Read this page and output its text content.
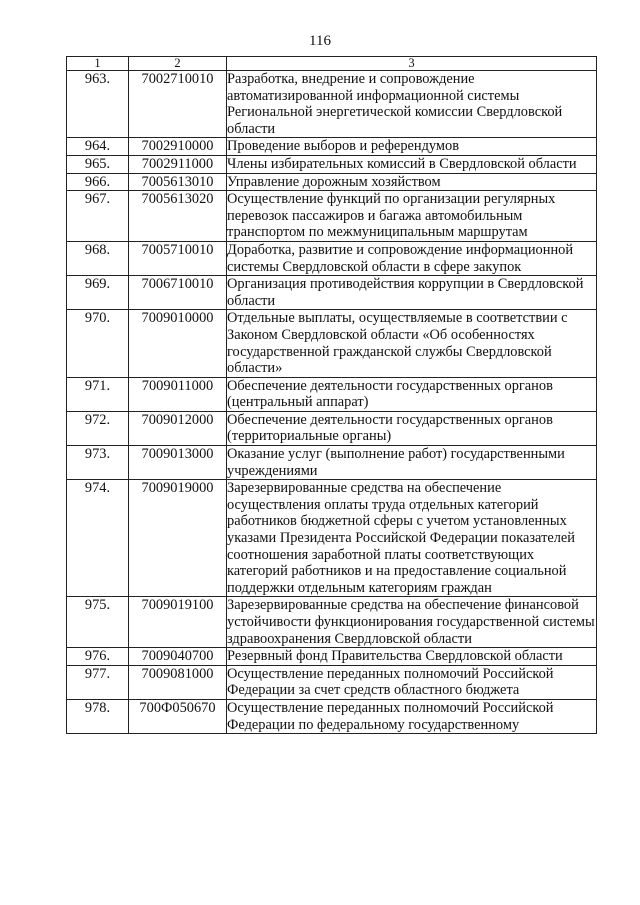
116
1	2	3
963.	7002710010	Разработка, внедрение и сопровождение автоматизированной информационной системы Региональной энергетической комиссии Свердловской области
964.	7002910000	Проведение выборов и референдумов
965.	7002911000	Члены избирательных комиссий в Свердловской области
966.	7005613010	Управление дорожным хозяйством
967.	7005613020	Осуществление функций по организации регулярных перевозок пассажиров и багажа автомобильным транспортом по межмуниципальным маршрутам
968.	7005710010	Доработка, развитие и сопровождение информационной системы Свердловской области в сфере закупок
969.	7006710010	Организация противодействия коррупции в Свердловской области
970.	7009010000	Отдельные выплаты, осуществляемые в соответствии с Законом Свердловской области «Об особенностях государственной гражданской службы Свердловской области»
971.	7009011000	Обеспечение деятельности государственных органов (центральный аппарат)
972.	7009012000	Обеспечение деятельности государственных органов (территориальные органы)
973.	7009013000	Оказание услуг (выполнение работ) государственными учреждениями
974.	7009019000	Зарезервированные средства на обеспечение осуществления оплаты труда отдельных категорий работников бюджетной сферы с учетом установленных указами Президента Российской Федерации показателей соотношения заработной платы соответствующих категорий работников и на предоставление социальной поддержки отдельным категориям граждан
975.	7009019100	Зарезервированные средства на обеспечение финансовой устойчивости функционирования государственной системы здравоохранения Свердловской области
976.	7009040700	Резервный фонд Правительства Свердловской области
977.	7009081000	Осуществление переданных полномочий Российской Федерации за счет средств областного бюджета
978.	700Ф050670	Осуществление переданных полномочий Российской Федерации по федеральному государственному
